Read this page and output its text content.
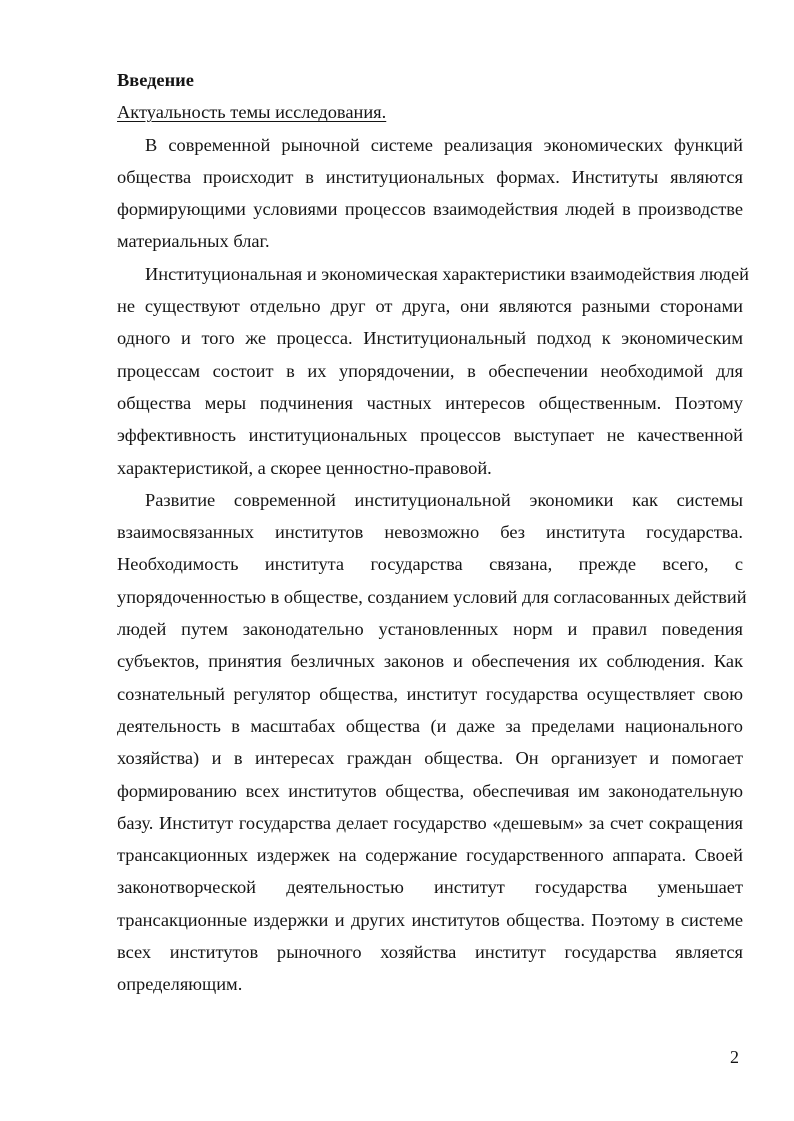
Введение
Актуальность темы исследования.
В современной рыночной системе реализация экономических функций
общества происходит в институциональных формах. Институты являются
формирующими условиями процессов взаимодействия людей в производстве
материальных благ.
Институциональная и экономическая характеристики взаимодействия людей
не существуют отдельно друг от друга, они являются разными сторонами
одного и того же процесса. Институциональный подход к экономическим
процессам состоит в их упорядочении, в обеспечении необходимой для
общества меры подчинения частных интересов общественным. Поэтому
эффективность институциональных процессов выступает не качественной
характеристикой, а скорее ценностно-правовой.
Развитие современной институциональной экономики как системы
взаимосвязанных институтов невозможно без института государства.
Необходимость института государства связана, прежде всего, с
упорядоченностью в обществе, созданием условий для согласованных действий
людей путем законодательно установленных норм и правил поведения
субъектов, принятия безличных законов и обеспечения их соблюдения. Как
сознательный регулятор общества, институт государства осуществляет свою
деятельность в масштабах общества (и даже за пределами национального
хозяйства) и в интересах граждан общества. Он организует и помогает
формированию всех институтов общества, обеспечивая им законодательную
базу. Институт государства делает государство «дешевым» за счет сокращения
трансакционных издержек на содержание государственного аппарата. Своей
законотворческой деятельностью институт государства уменьшает
трансакционные издержки и других институтов общества. Поэтому в системе
всех институтов рыночного хозяйства институт государства является
определяющим.
2
